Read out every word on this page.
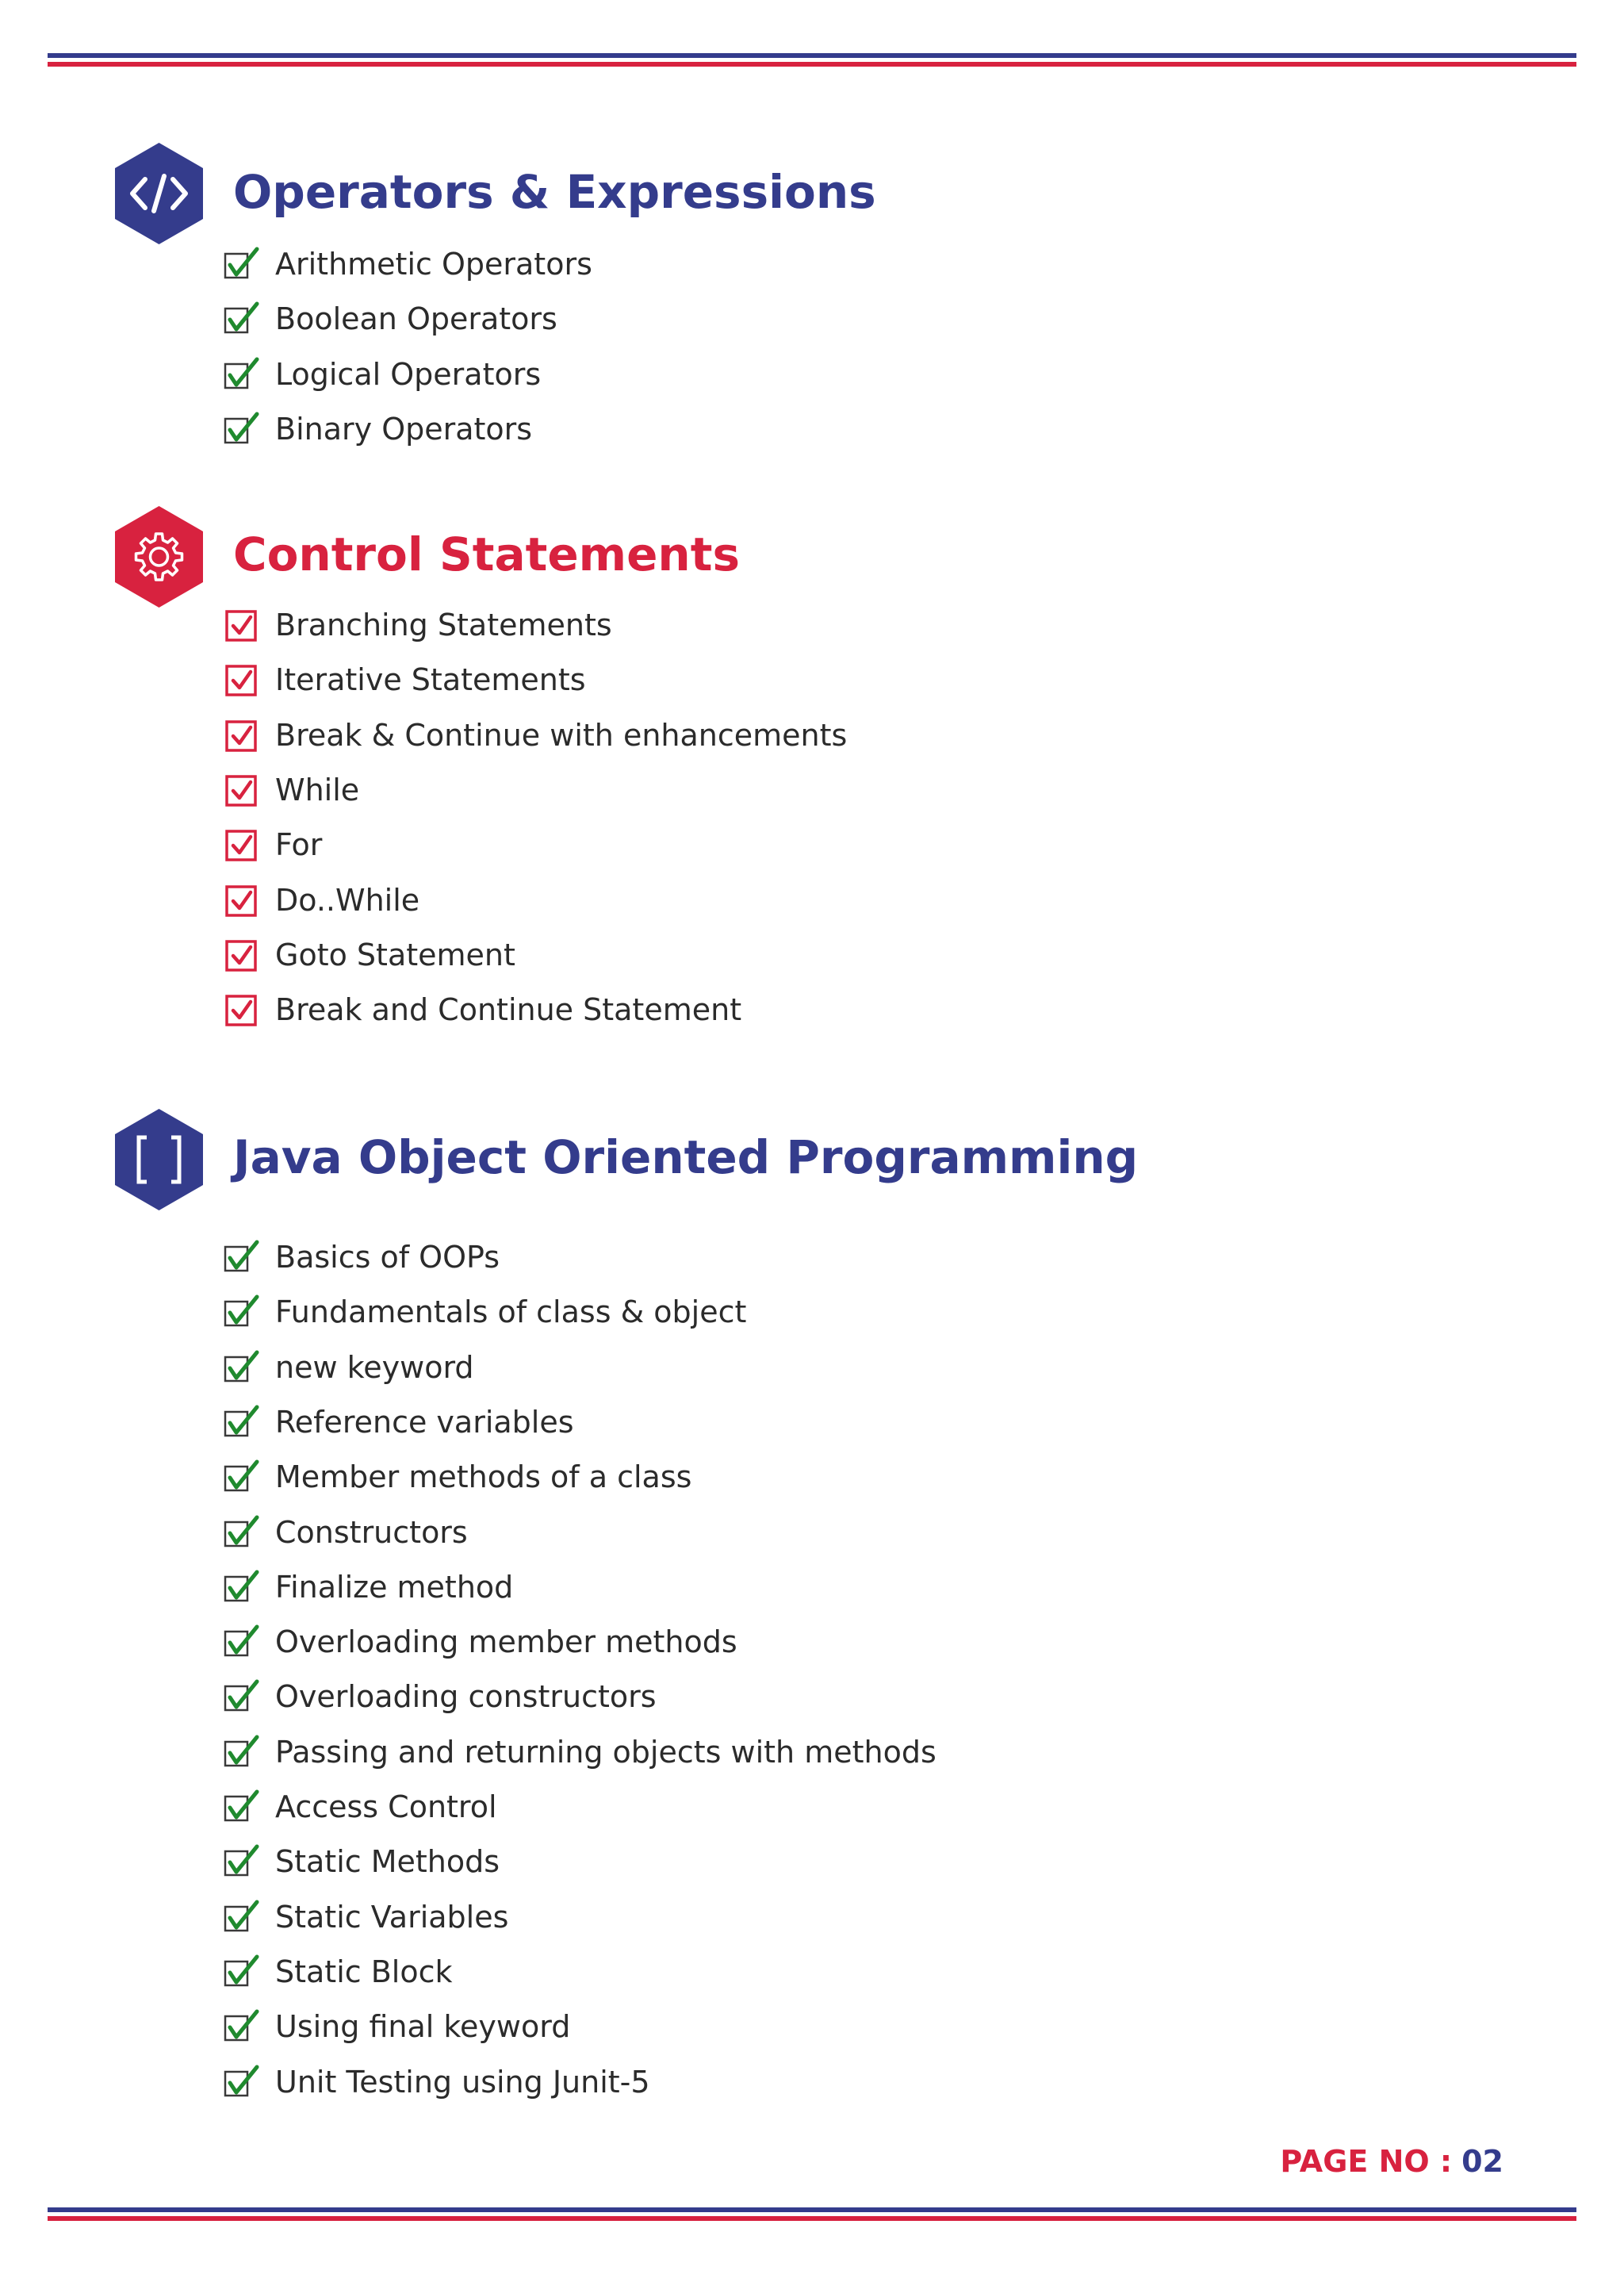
Operators & Expressions
Arithmetic Operators
Boolean Operators
Logical Operators
Binary Operators
Control Statements
Branching Statements
Iterative Statements
Break & Continue with enhancements
While
For
Do..While
Goto Statement
Break and Continue Statement
Java Object Oriented Programming
Basics of OOPs
Fundamentals of class & object
new keyword
Reference variables
Member methods of a class
Constructors
Finalize method
Overloading member methods
Overloading constructors
Passing and returning objects with methods
Access Control
Static Methods
Static Variables
Static Block
Using final keyword
Unit Testing using Junit-5
PAGE NO : 02
